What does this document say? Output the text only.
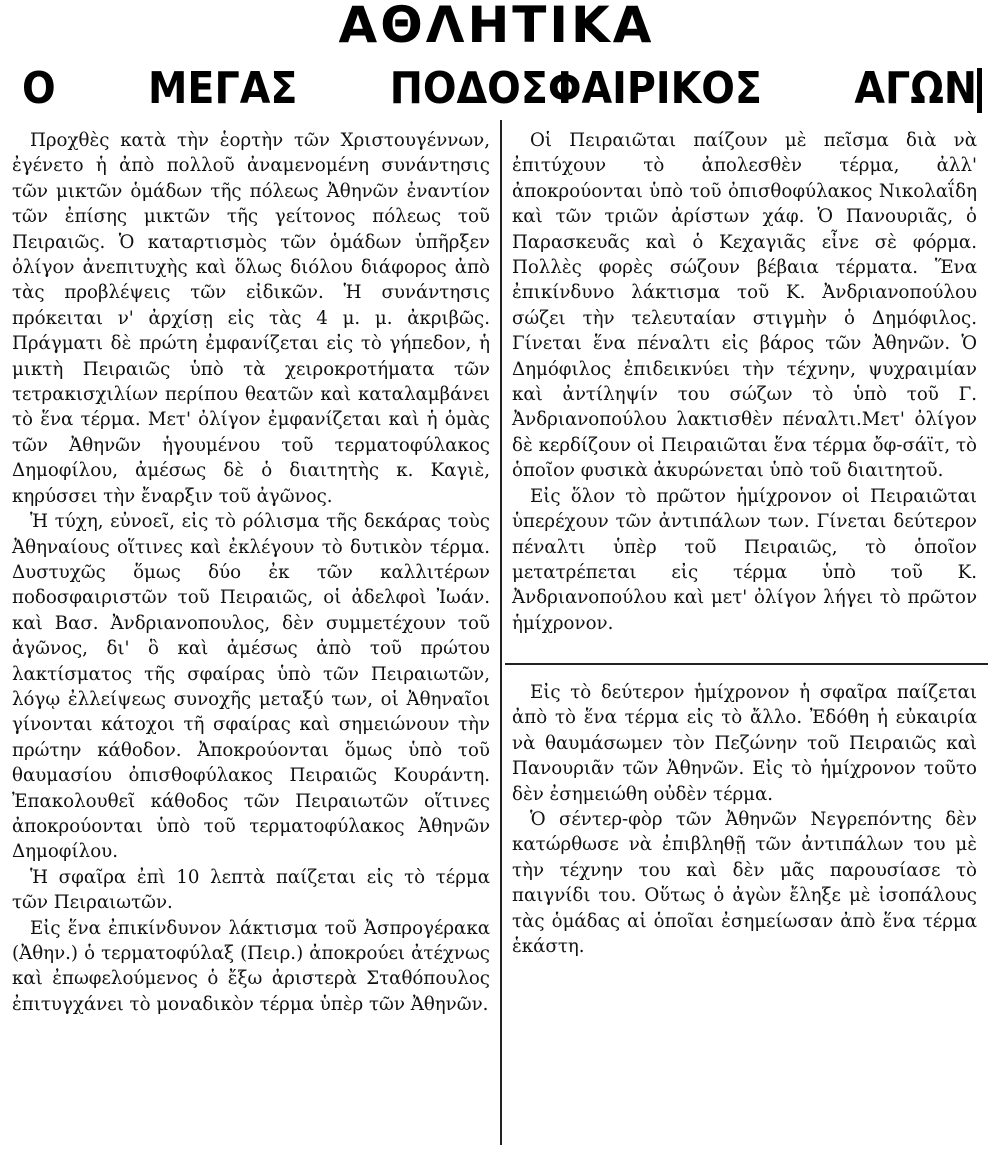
ΑΘΛΗΤΙΚΑ
Ο ΜΕΓΑΣ ΠΟΔΟΣΦΑΙΡΙΚΟΣ ΑΓΩΝ

Προχθὲς κατὰ τὴν ἑορτὴν τῶν Χριστουγέννων, ἐγένετο ἡ ἀπὸ πολλοῦ ἀναμενομένη συνάντησις τῶν μικτῶν ὁμάδων τῆς πόλεως Ἀθηνῶν ἐναντίον τῶν ἐπίσης μικτῶν τῆς γείτονος πόλεως τοῦ Πειραιῶς. Ὁ καταρτισμὸς τῶν ὁμάδων ὑπῆρξεν ὀλίγον ἀνεπιτυχὴς καὶ ὅλως διόλου διάφορος ἀπὸ τὰς προβλέψεις τῶν εἰδικῶν. Ἡ συνάντησις πρόκειται ν' ἀρχίσῃ εἰς τὰς 4 μ. μ. ἀκριβῶς. Πράγματι δὲ πρώτη ἐμφανίζεται εἰς τὸ γήπεδον, ἡ μικτὴ Πειραιῶς ὑπὸ τὰ χειροκροτήματα τῶν τετρακισχιλίων περίπου θεατῶν καὶ καταλαμβάνει τὸ ἕνα τέρμα. Μετ' ὀλίγον ἐμφανίζεται καὶ ἡ ὁμὰς τῶν Ἀθηνῶν ἡγουμένου τοῦ τερματοφύλακος Δημοφίλου, ἀμέσως δὲ ὁ διαιτητὴς κ. Καγιὲ, κηρύσσει τὴν ἔναρξιν τοῦ ἀγῶνος.

Ἡ τύχη, εὐνοεῖ, εἰς τὸ ρόλισμα τῆς δεκάρας τοὺς Ἀθηναίους οἵτινες καὶ ἐκλέγουν τὸ δυτικὸν τέρμα. Δυστυχῶς ὅμως δύο ἐκ τῶν καλλιτέρων ποδοσφαιριστῶν τοῦ Πειραιῶς, οἱ ἀδελφοὶ Ἰωάν. καὶ Βασ. Ἀνδριανοπουλος, δὲν συμμετέχουν τοῦ ἀγῶνος, δι' ὃ καὶ ἀμέσως ἀπὸ τοῦ πρώτου λακτίσματος τῆς σφαίρας ὑπὸ τῶν Πειραιωτῶν, λόγῳ ἐλλείψεως συνοχῆς μεταξύ των, οἱ Ἀθηναῖοι γίνονται κάτοχοι τῆ σφαίρας καὶ σημειώνουν τὴν πρώτην κάθοδον. Ἀποκρούονται ὅμως ὑπὸ τοῦ θαυμασίου ὀπισθοφύλακος Πειραιῶς Κουράντη. Ἐπακολουθεῖ κάθοδος τῶν Πειραιωτῶν οἵτινες ἀποκρούονται ὑπὸ τοῦ τερματοφύλακος Ἀθηνῶν Δημοφίλου.

Ἡ σφαῖρα ἐπὶ 10 λεπτὰ παίζεται εἰς τὸ τέρμα τῶν Πειραιωτῶν.

Εἰς ἕνα ἐπικίνδυνον λάκτισμα τοῦ Ἀσπρογέρακα (Ἀθην.) ὁ τερματοφύλαξ (Πειρ.) ἀποκρούει ἀτέχνως καὶ ἐπωφελούμενος ὁ ἔξω ἀριστερὰ Σταθόπουλος ἐπιτυγχάνει τὸ μοναδικὸν τέρμα ὑπὲρ τῶν Ἀθηνῶν.

Οἱ Πειραιῶται παίζουν μὲ πεῖσμα διὰ νὰ ἐπιτύχουν τὸ ἀπολεσθὲν τέρμα, ἀλλ' ἀποκρούονται ὑπὸ τοῦ ὀπισθοφύλακος Νικολαΐδη καὶ τῶν τριῶν ἀρίστων χάφ. Ὁ Πανουριᾶς, ὁ Παρασκευᾶς καὶ ὁ Κεχαγιᾶς εἶνε σὲ φόρμα. Πολλὲς φορὲς σώζουν βέβαια τέρματα. Ἕνα ἐπικίνδυνο λάκτισμα τοῦ Κ. Ἀνδριανοπούλου σώζει τὴν τελευταίαν στιγμὴν ὁ Δημόφιλος. Γίνεται ἕνα πέναλτι εἰς βάρος τῶν Ἀθηνῶν. Ὁ Δημόφιλος ἐπιδεικνύει τὴν τέχνην, ψυχραιμίαν καὶ ἀντίληψίν του σώζων τὸ ὑπὸ τοῦ Γ. Ἀνδριανοπούλου λακτισθὲν πέναλτι.Μετ' ὀλίγον δὲ κερδίζουν οἱ Πειραιῶται ἕνα τέρμα ὄφ-σάϊτ, τὸ ὁποῖον φυσικὰ ἀκυρώνεται ὑπὸ τοῦ διαιτητοῦ.

Εἰς ὅλον τὸ πρῶτον ἡμίχρονον οἱ Πειραιῶται ὑπερέχουν τῶν ἀντιπάλων των. Γίνεται δεύτερον πέναλτι ὑπὲρ τοῦ Πειραιῶς, τὸ ὁποῖον μετατρέπεται εἰς τέρμα ὑπὸ τοῦ Κ. Ἀνδριανοπούλου καὶ μετ' ὀλίγον λήγει τὸ πρῶτον ἡμίχρονον.

Εἰς τὸ δεύτερον ἡμίχρονον ἡ σφαῖρα παίζεται ἀπὸ τὸ ἕνα τέρμα εἰς τὸ ἄλλο. Ἐδόθη ἡ εὐκαιρία νὰ θαυμάσωμεν τὸν Πεζώνην τοῦ Πειραιῶς καὶ Πανουριᾶν τῶν Ἀθηνῶν. Εἰς τὸ ἡμίχρονον τοῦτο δὲν ἐσημειώθη οὐδὲν τέρμα.

Ὁ σέντερ-φὸρ τῶν Ἀθηνῶν Νεγρεπόντης δὲν κατώρθωσε νὰ ἐπιβληθῇ τῶν ἀντιπάλων του μὲ τὴν τέχνην του καὶ δὲν μᾶς παρουσίασε τὸ παιγνίδι του. Οὕτως ὁ ἀγὼν ἔληξε μὲ ἰσοπάλους τὰς ὁμάδας αἱ ὁποῖαι ἐσημείωσαν ἀπὸ ἕνα τέρμα ἑκάστη.
